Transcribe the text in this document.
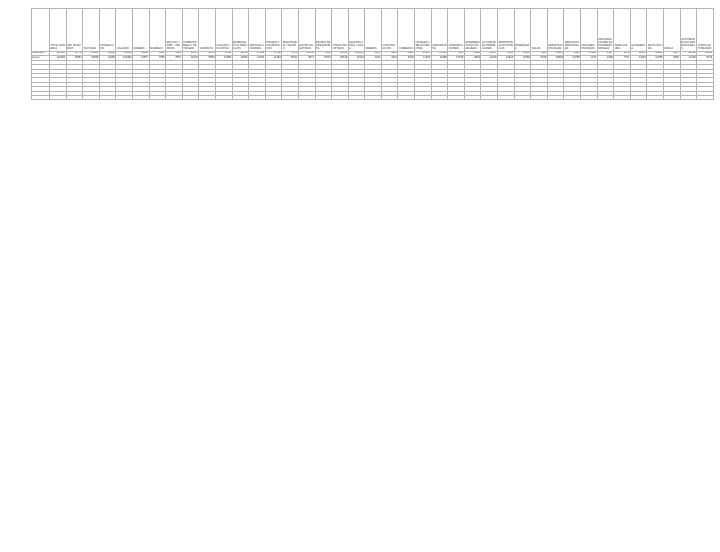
	TOTAL GENERAL	IND. MANUFACT.	TEXTILES	CONFECCION	CALZADO	MADERA	MUEBLES	EDICION, IMPR. Y REPROD.	COMBUSTIBLES Y PETROLEO	QUIMICOS	CAUCHO Y PLASTICO	MINERALES NO METALICOS	METALES COMUNES	PRODUCTOS METALICOS	MAQUINARIA Y EQUIPO	EQUIPO ELECTRICO	EQUIPO DE TRANSPORTE	OTRAS INDUSTRIAS	ELECTRICIDAD Y AGUA	MINERIA	CONSTRUCCION	COMERCIO	HOTELES Y RESTAURANTES	TRANSPORTE	COMUNICACIONES	INTERMEDIACION FINANCIERA	ACTIVIDADES INMOBILIARIAS	ADMINISTRACION PUBLICA	ENSEÑANZA	SALUD	SERVICIOS SOCIALES	SERVICIOS PERSONALES	HOGARES PRIVADOS	ORGANIZACIONES EXTRATERRITORIALES	AGRICULTURA	GANADERIA	SILVICULTURA	PESCA	ACTIVIDADES NO ESPECIFICADAS	OTRAS ACTIVIDADES
Diciembre	121618	56778	15460	18048	12459	11158	9851	6584	12537	8179	4768	40108	17129	17560	4178	36244	2100	18558	126166	2320	3821	4482	25037	27543	7524	9940	14197	4832	16113	7483	11186	8549	17580	8147	1179	11478	12580	9178	14768	10880
Enero	102484	15584	18848	14058	129483	14567	7589	8557	11532	8558	10388	18463	12254	11484	15184	9571	12504	18448	11504	1240	1822	8348	11518	15488	16758	9843	11048	10518	13468	9158	10848	12788	1178	2468	7751	14218	10788	9854	11248	8744
